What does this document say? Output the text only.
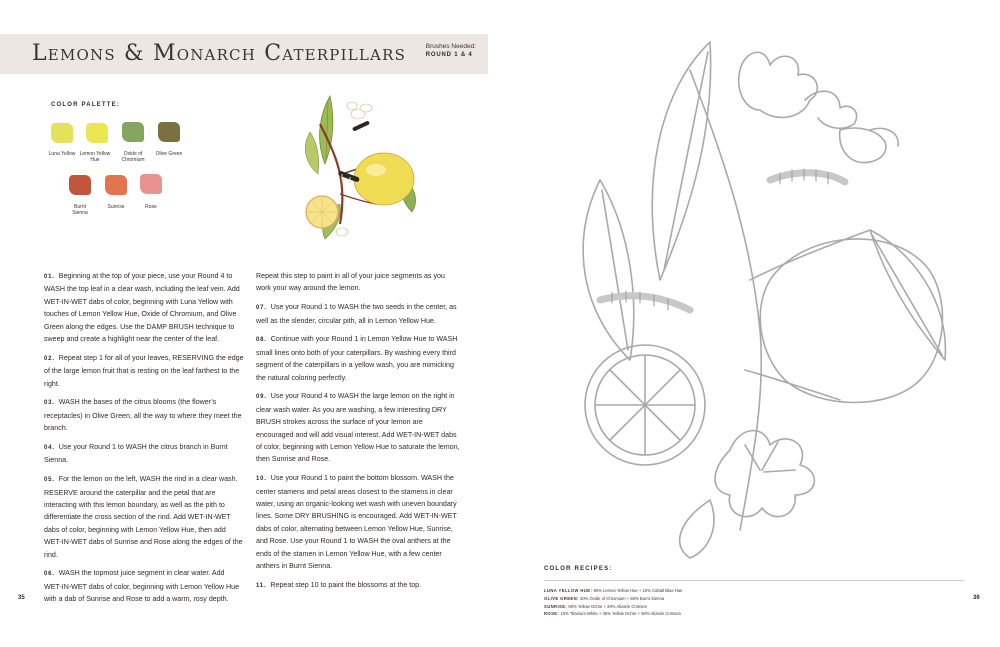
Lemons & Monarch Caterpillars	Brushes Needed:
ROUND 1 & 4
COLOR PALETTE:
Luna Yellow Lemon Yellow Hue
Oxide of Chromium
Olive Green
Burnt Sienna
Sunrise	Rose

01. Beginning at the top of your piece, use your Round 4 to WASH the top leaf in a clear wash, including the leaf vein. Add WET-IN-WET dabs of color, beginning with Luna Yellow with touches of Lemon Yellow Hue, Oxide of Chromium, and Olive Green along the edges. Use the DAMP BRUSH technique to sweep and create a highlight near the center of the leaf.

02. Repeat step 1 for all of your leaves, RESERVING the edge of the large lemon fruit that is resting on the leaf farthest to the right.

03. WASH the bases of the citrus blooms (the flower’s receptacles) in Olive Green, all the way to where they meet the branch.

04. Use your Round 1 to WASH the citrus branch in Burnt Sienna.

05. For the lemon on the left, WASH the rind in a clear wash. RESERVE around the caterpillar and the petal that are interacting with this lemon boundary, as well as the pith to differentiate the cross section of the rind. Add WET-IN-WET dabs of color, beginning with Lemon Yellow Hue, then add WET-IN-WET dabs of Sunrise and Rose along the edges of the rind.

06. WASH the topmost juice segment in clear water. Add WET-IN-WET dabs of color, beginning with Lemon Yellow Hue with a dab of Sunrise and Rose to add a warm, rosy depth.

Repeat this step to paint in all of your juice segments as you work your way around the lemon.

07. Use your Round 1 to WASH the two seeds in the center, as well as the slender, circular pith, all in Lemon Yellow Hue.

08. Continue with your Round 1 in Lemon Yellow Hue to WASH small lines onto both of your caterpillars. By washing every third segment of the caterpillars in a yellow wash, you are mimicking the natural coloring perfectly.

09. Use your Round 4 to WASH the large lemon on the right in clear wash water. As you are washing, a few interesting DRY BRUSH strokes across the surface of your lemon are encouraged and will add visual interest. Add WET-IN-WET dabs of color, beginning with Lemon Yellow Hue to saturate the lemon, then Sunrise and Rose.

10. Use your Round 1 to paint the bottom blossom. WASH the center stamens and petal areas closest to the stamens in clear water, using an organic-looking wet wash with uneven boundary lines. Some DRY BRUSHING is encouraged. Add WET-IN-WET dabs of color, alternating between Lemon Yellow Hue, Sunrise, and Rose. Use your Round 1 to WASH the oval anthers at the ends of the stamen in Lemon Yellow Hue, with a few center anthers in Burnt Sienna.

11. Repeat step 10 to paint the blossoms at the top.

35
COLOR RECIPES:
LUNA YELLOW HUE: 90% Lemon Yellow Hue + 10% Cobalt Blue Hue
OLIVE GREEN: 40% Oxide of Chromium + 60% Burnt Sienna
SUNRISE: 80% Yellow Ochre + 20% Alizarin Crimson
ROSE: 10% Titanium White + 40% Yellow Ochre + 50% Alizarin Crimson
36
